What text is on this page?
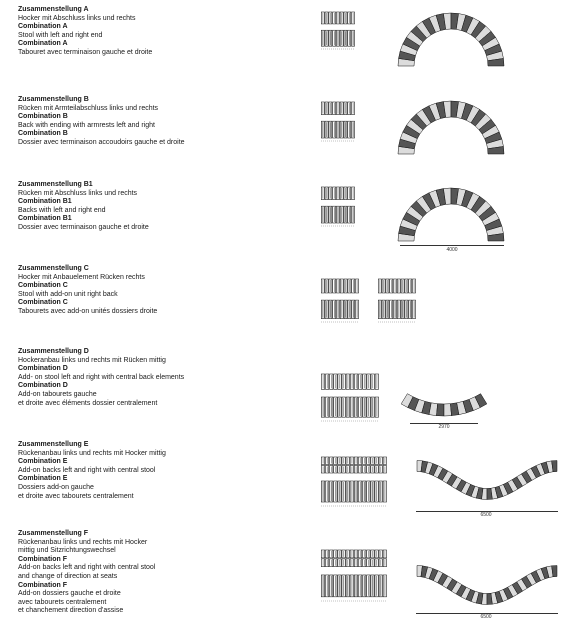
Zusammenstellung A
Hocker mit Abschluss links und rechts
Combination A
Stool with left and right end
Combination A
Tabouret avec terminaison gauche et droite
Zusammenstellung B
Rücken mit Armteilabschluss links und rechts
Combination B
Back with ending with armrests left and right
Combination B
Dossier avec terminaison accoudoirs gauche et droite
Zusammenstellung B1
Rücken mit Abschluss links und rechts
Combination B1
Backs with left and right end
Combination B1
Dossier avec terminaison gauche et droite
4000
Zusammenstellung C
Hocker mit Anbauelement Rücken rechts
Combination C
Stool with add-on unit right back
Combination C
Tabourets avec add-on unités dossiers droite
Zusammenstellung D
Hockeranbau links und rechts mit Rücken mittig
Combination D
Add- on stool left and right with central back elements
Combination D
Add-on tabourets gauche
et droite avec éléments dossier centralement
2970
Zusammenstellung E
Rückenanbau links und rechts mit Hocker mittig
Combination E
Add-on backs left and right with central stool
Combination E
Dossiers add-on gauche
et droite avec tabourets centralement
6500
Zusammenstellung F
Rückenanbau links und rechts mit Hocker
mittig und Sitzrichtungswechsel
Combination F
Add-on backs left and right with central stool
and change of direction at seats
Combination F
Add-on dossiers gauche et droite
avec tabourets centralement
et chanchement direction d'assise
6500
